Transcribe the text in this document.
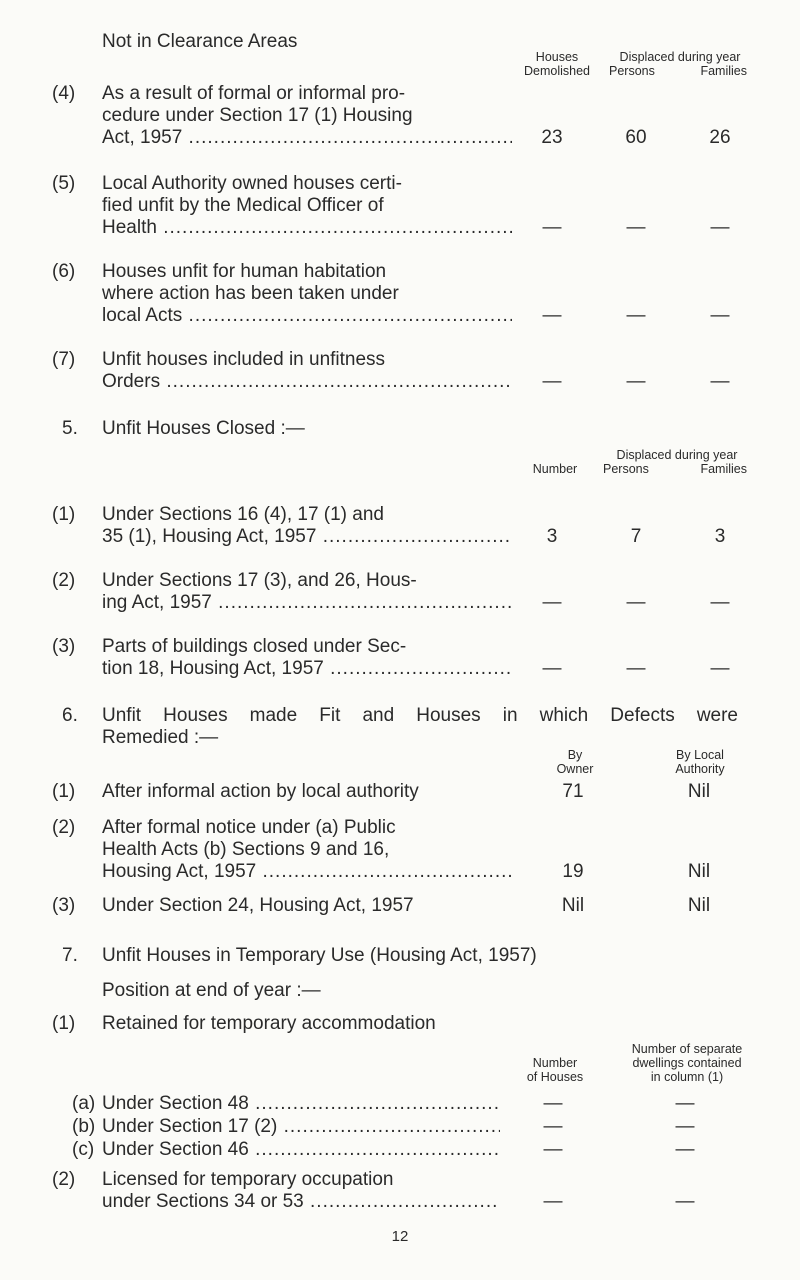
Not in Clearance Areas
Houses
Demolished
Displaced during year
Persons	Families
(4) As a result of formal or informal pro-
cedure under Section 17 (1) Housing
Act, 1957 .....	23	60	26
(5) Local Authority owned houses certi-
fied unfit by the Medical Officer of
Health .....	—	—	—
(6) Houses unfit for human habitation
where action has been taken under
local Acts .....	—	—	—
(7) Unfit houses included in unfitness
Orders .....	—	—	—
5. Unfit Houses Closed :—
Number
Displaced during year
Persons	Families
(1) Under Sections 16 (4), 17 (1) and
35 (1), Housing Act, 1957 .....	3	7	3
(2) Under Sections 17 (3), and 26, Hous-
ing Act, 1957 .....	—	—	—
(3) Parts of buildings closed under Sec-
tion 18, Housing Act, 1957 .....	—	—	—
6. Unfit Houses made Fit and Houses in which Defects were
Remedied :—
By
Owner
By Local
Authority
(1) After informal action by local authority	71	Nil
(2) After formal notice under (a) Public
Health Acts (b) Sections 9 and 16,
Housing Act, 1957 .....	19	Nil
(3) Under Section 24, Housing Act, 1957	Nil	Nil
7. Unfit Houses in Temporary Use (Housing Act, 1957)
Position at end of year :—
(1) Retained for temporary accommodation
Number
of Houses
Number of separate
dwellings contained
in column (1)
(a) Under Section 48 .....	—	—
(b) Under Section 17 (2) .....	—	—
(c) Under Section 46 .....	—	—
(2) Licensed for temporary occupation
under Sections 34 or 53 .....	—	—
12
